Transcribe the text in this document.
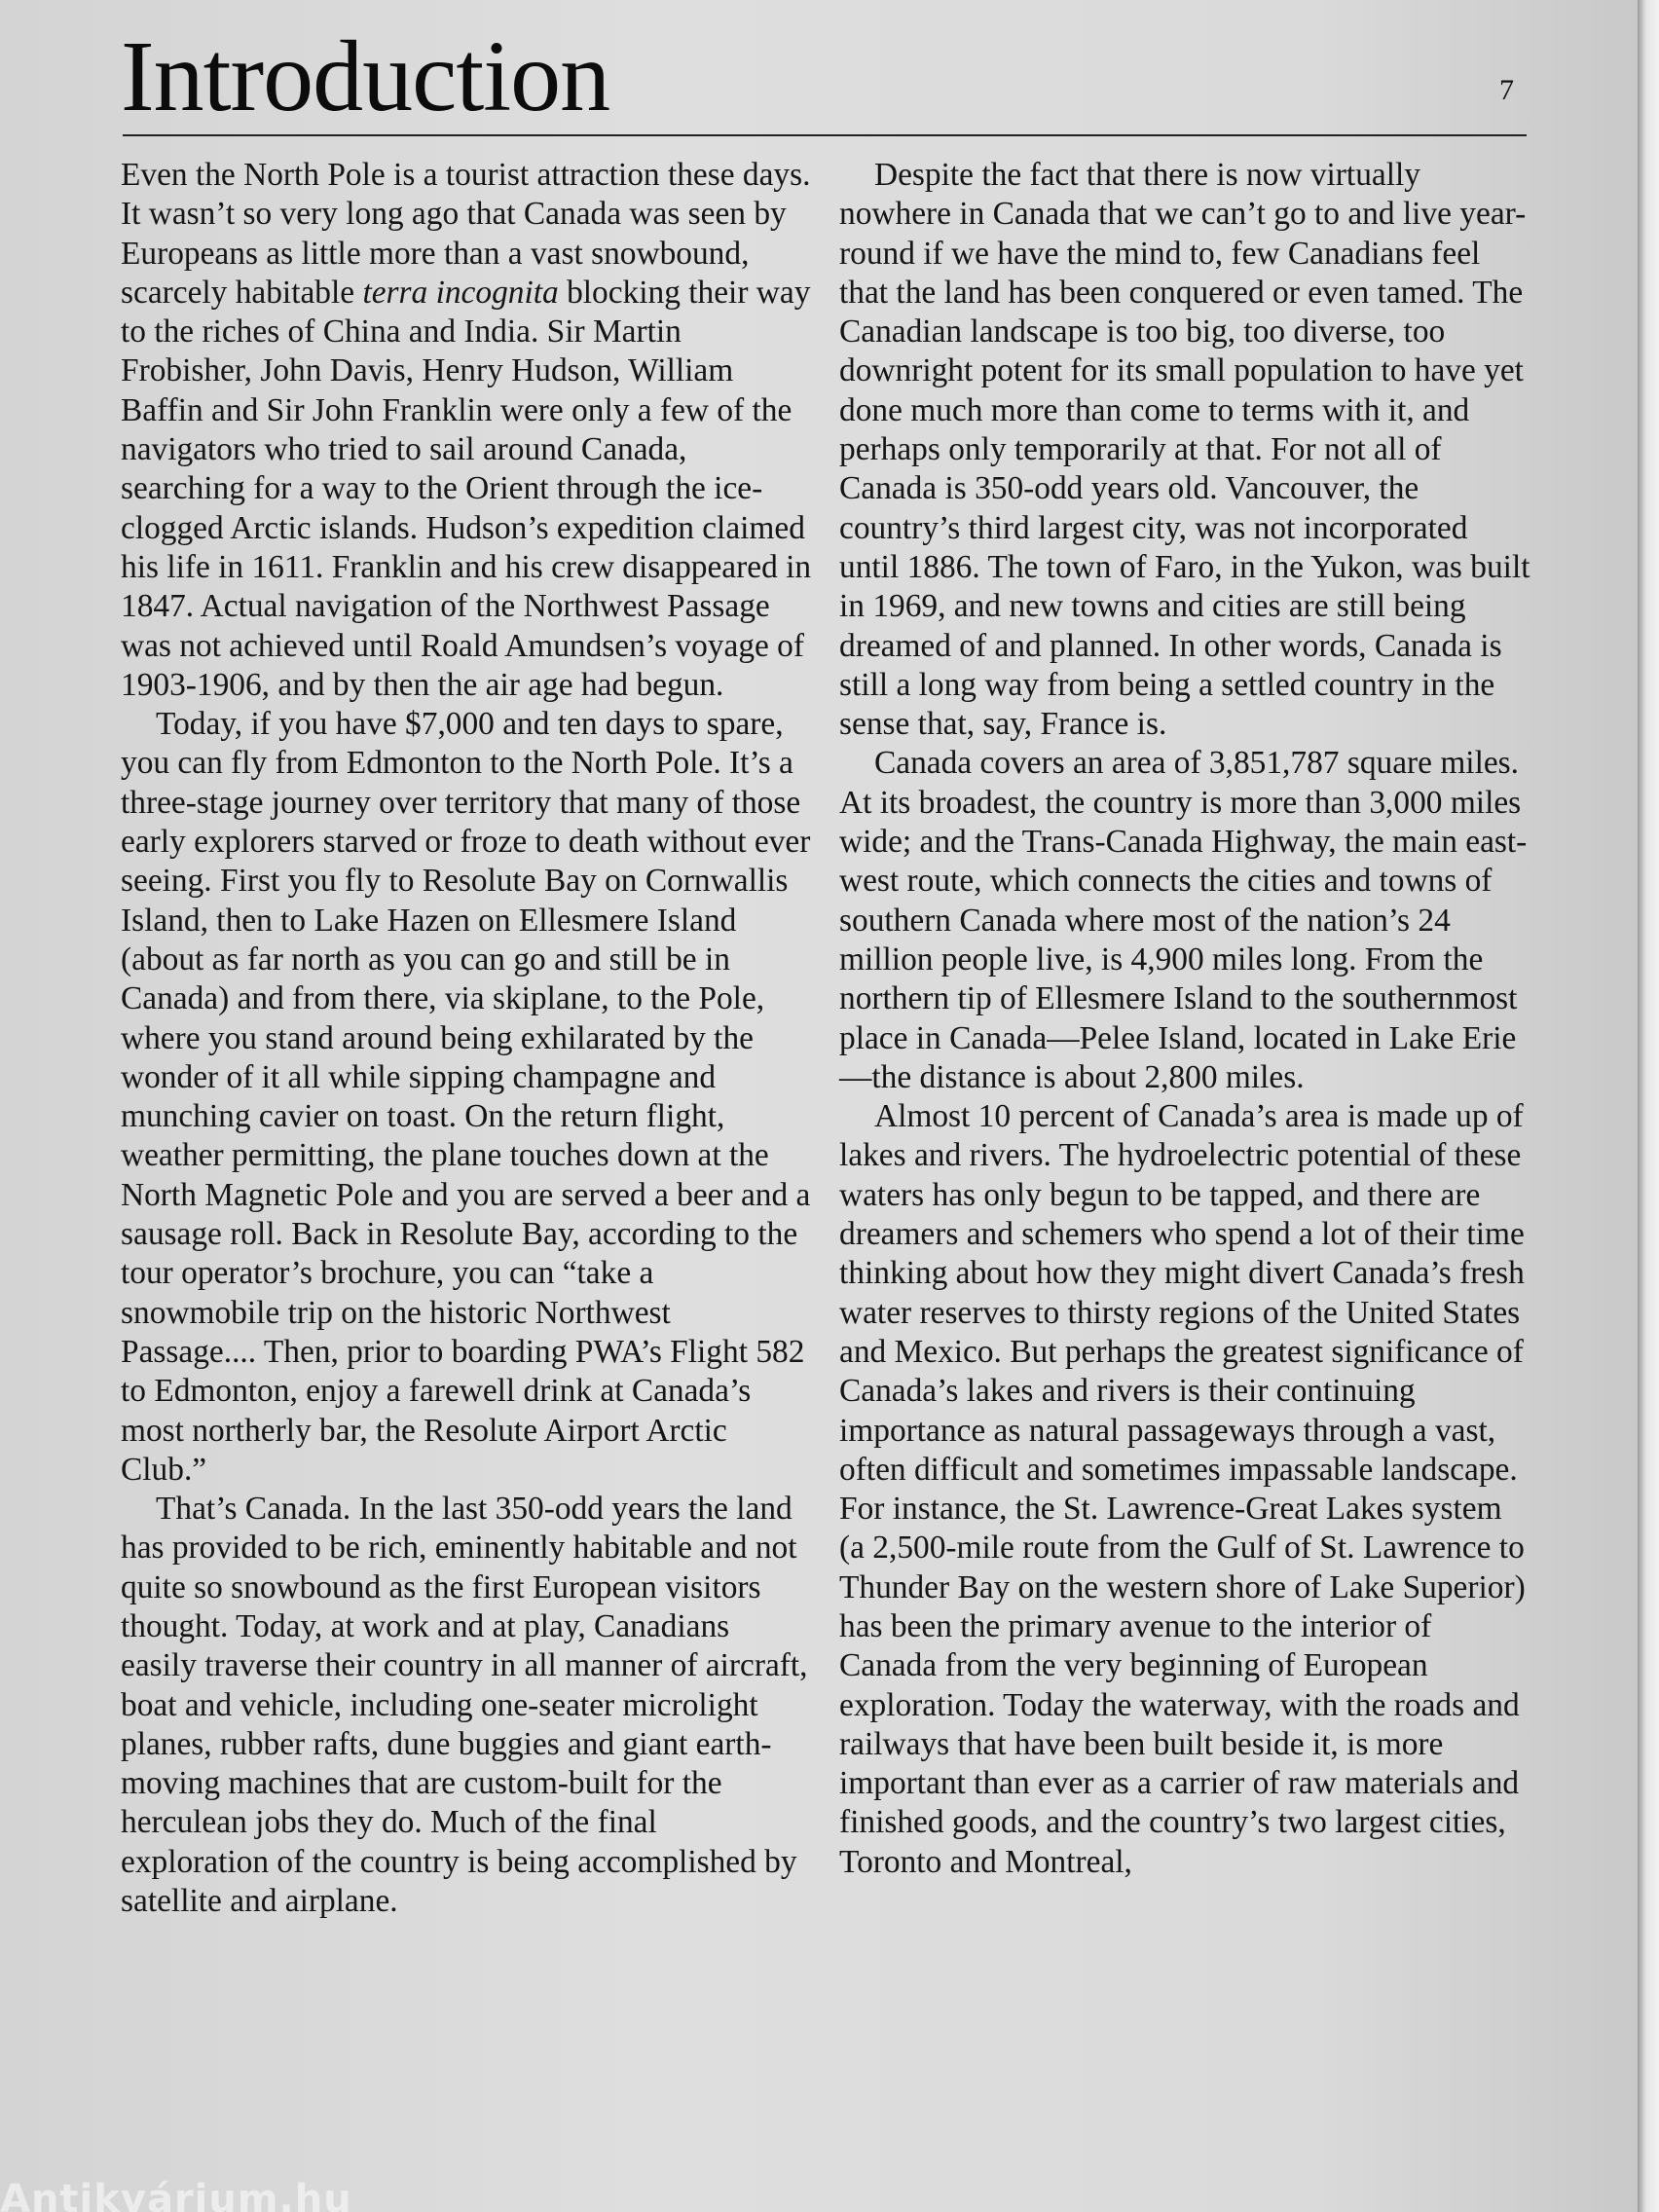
Introduction	7

Even the North Pole is a tourist attraction these days. It wasn’t so very long ago that Canada was seen by Europeans as little more than a vast snowbound, scarcely habitable terra incognita blocking their way to the riches of China and India. Sir Martin Frobisher, John Davis, Henry Hudson, William Baffin and Sir John Franklin were only a few of the navigators who tried to sail around Canada, searching for a way to the Orient through the ice-clogged Arctic islands. Hudson’s expedition claimed his life in 1611. Franklin and his crew disappeared in 1847. Actual navigation of the Northwest Passage was not achieved until Roald Amundsen’s voyage of 1903-1906, and by then the air age had begun.

Today, if you have $7,000 and ten days to spare, you can fly from Edmonton to the North Pole. It’s a three-stage journey over territory that many of those early explorers starved or froze to death without ever seeing. First you fly to Resolute Bay on Cornwallis Island, then to Lake Hazen on Ellesmere Island (about as far north as you can go and still be in Canada) and from there, via skiplane, to the Pole, where you stand around being exhilarated by the wonder of it all while sipping champagne and munching cavier on toast. On the return flight, weather permitting, the plane touches down at the North Magnetic Pole and you are served a beer and a sausage roll. Back in Resolute Bay, according to the tour operator’s brochure, you can “take a snowmobile trip on the historic Northwest Passage.... Then, prior to boarding PWA’s Flight 582 to Edmonton, enjoy a farewell drink at Canada’s most northerly bar, the Resolute Airport Arctic Club.”

That’s Canada. In the last 350-odd years the land has provided to be rich, eminently habitable and not quite so snowbound as the first European visitors thought. Today, at work and at play, Canadians easily traverse their country in all manner of aircraft, boat and vehicle, including one-seater microlight planes, rubber rafts, dune buggies and giant earth-moving machines that are custom-built for the herculean jobs they do. Much of the final exploration of the country is being accomplished by satellite and airplane.

Despite the fact that there is now virtually nowhere in Canada that we can’t go to and live year-round if we have the mind to, few Canadians feel that the land has been conquered or even tamed. The Canadian landscape is too big, too diverse, too downright potent for its small population to have yet done much more than come to terms with it, and perhaps only temporarily at that. For not all of Canada is 350-odd years old. Vancouver, the country’s third largest city, was not incorporated until 1886. The town of Faro, in the Yukon, was built in 1969, and new towns and cities are still being dreamed of and planned. In other words, Canada is still a long way from being a settled country in the sense that, say, France is.

Canada covers an area of 3,851,787 square miles. At its broadest, the country is more than 3,000 miles wide; and the Trans-Canada Highway, the main east-west route, which connects the cities and towns of southern Canada where most of the nation’s 24 million people live, is 4,900 miles long. From the northern tip of Ellesmere Island to the southernmost place in Canada—Pelee Island, located in Lake Erie—the distance is about 2,800 miles.

Almost 10 percent of Canada’s area is made up of lakes and rivers. The hydroelectric potential of these waters has only begun to be tapped, and there are dreamers and schemers who spend a lot of their time thinking about how they might divert Canada’s fresh water reserves to thirsty regions of the United States and Mexico. But perhaps the greatest significance of Canada’s lakes and rivers is their continuing importance as natural passageways through a vast, often difficult and sometimes impassable landscape. For instance, the St. Lawrence-Great Lakes system (a 2,500-mile route from the Gulf of St. Lawrence to Thunder Bay on the western shore of Lake Superior) has been the primary avenue to the interior of Canada from the very beginning of European exploration. Today the waterway, with the roads and railways that have been built beside it, is more important than ever as a carrier of raw materials and finished goods, and the country’s two largest cities, Toronto and Montreal,

Antikvárium.hu
